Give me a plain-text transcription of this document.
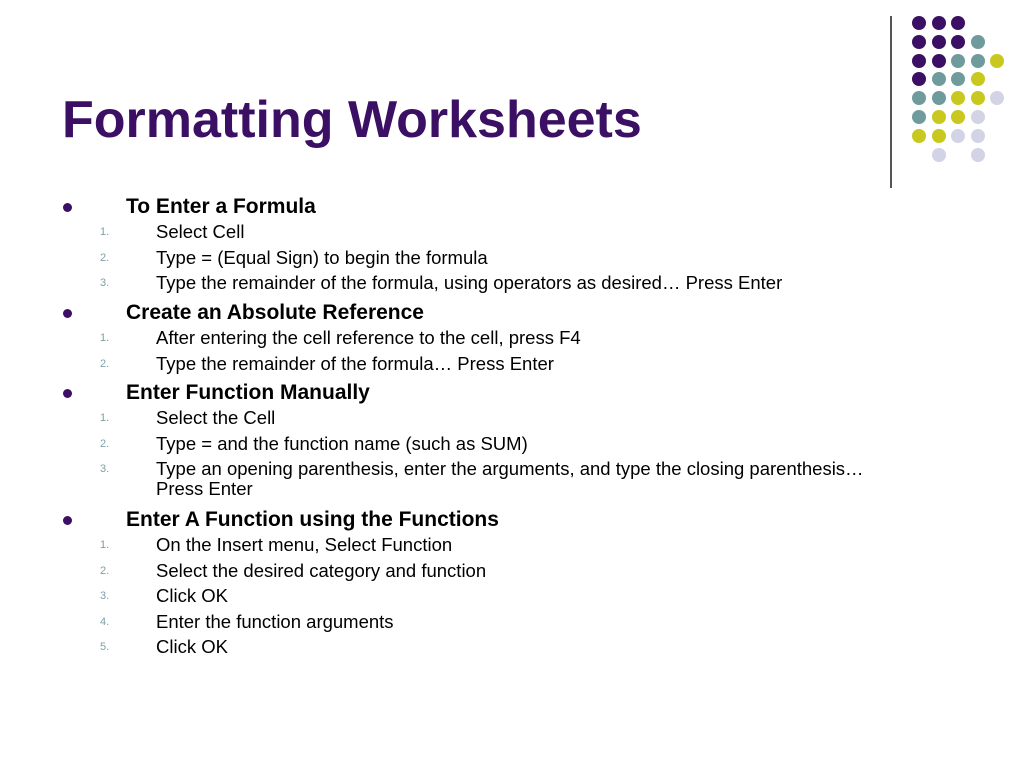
Formatting Worksheets
To Enter a Formula
1.	Select Cell
2.	Type = (Equal Sign) to begin the formula
3.	Type the remainder of the formula, using operators as desired… Press Enter
Create an Absolute Reference
1.	After entering the cell reference to the cell, press F4
2.	Type the remainder of the formula… Press Enter
Enter Function Manually
1.	Select the Cell
2.	Type = and the function name (such as SUM)
3.	Type an opening parenthesis, enter the arguments, and type the closing parenthesis…Press Enter
Enter A Function using the Functions
1.	On the Insert menu, Select Function
2.	Select the desired category and function
3.	Click OK
4.	Enter the function arguments
5.	Click OK
